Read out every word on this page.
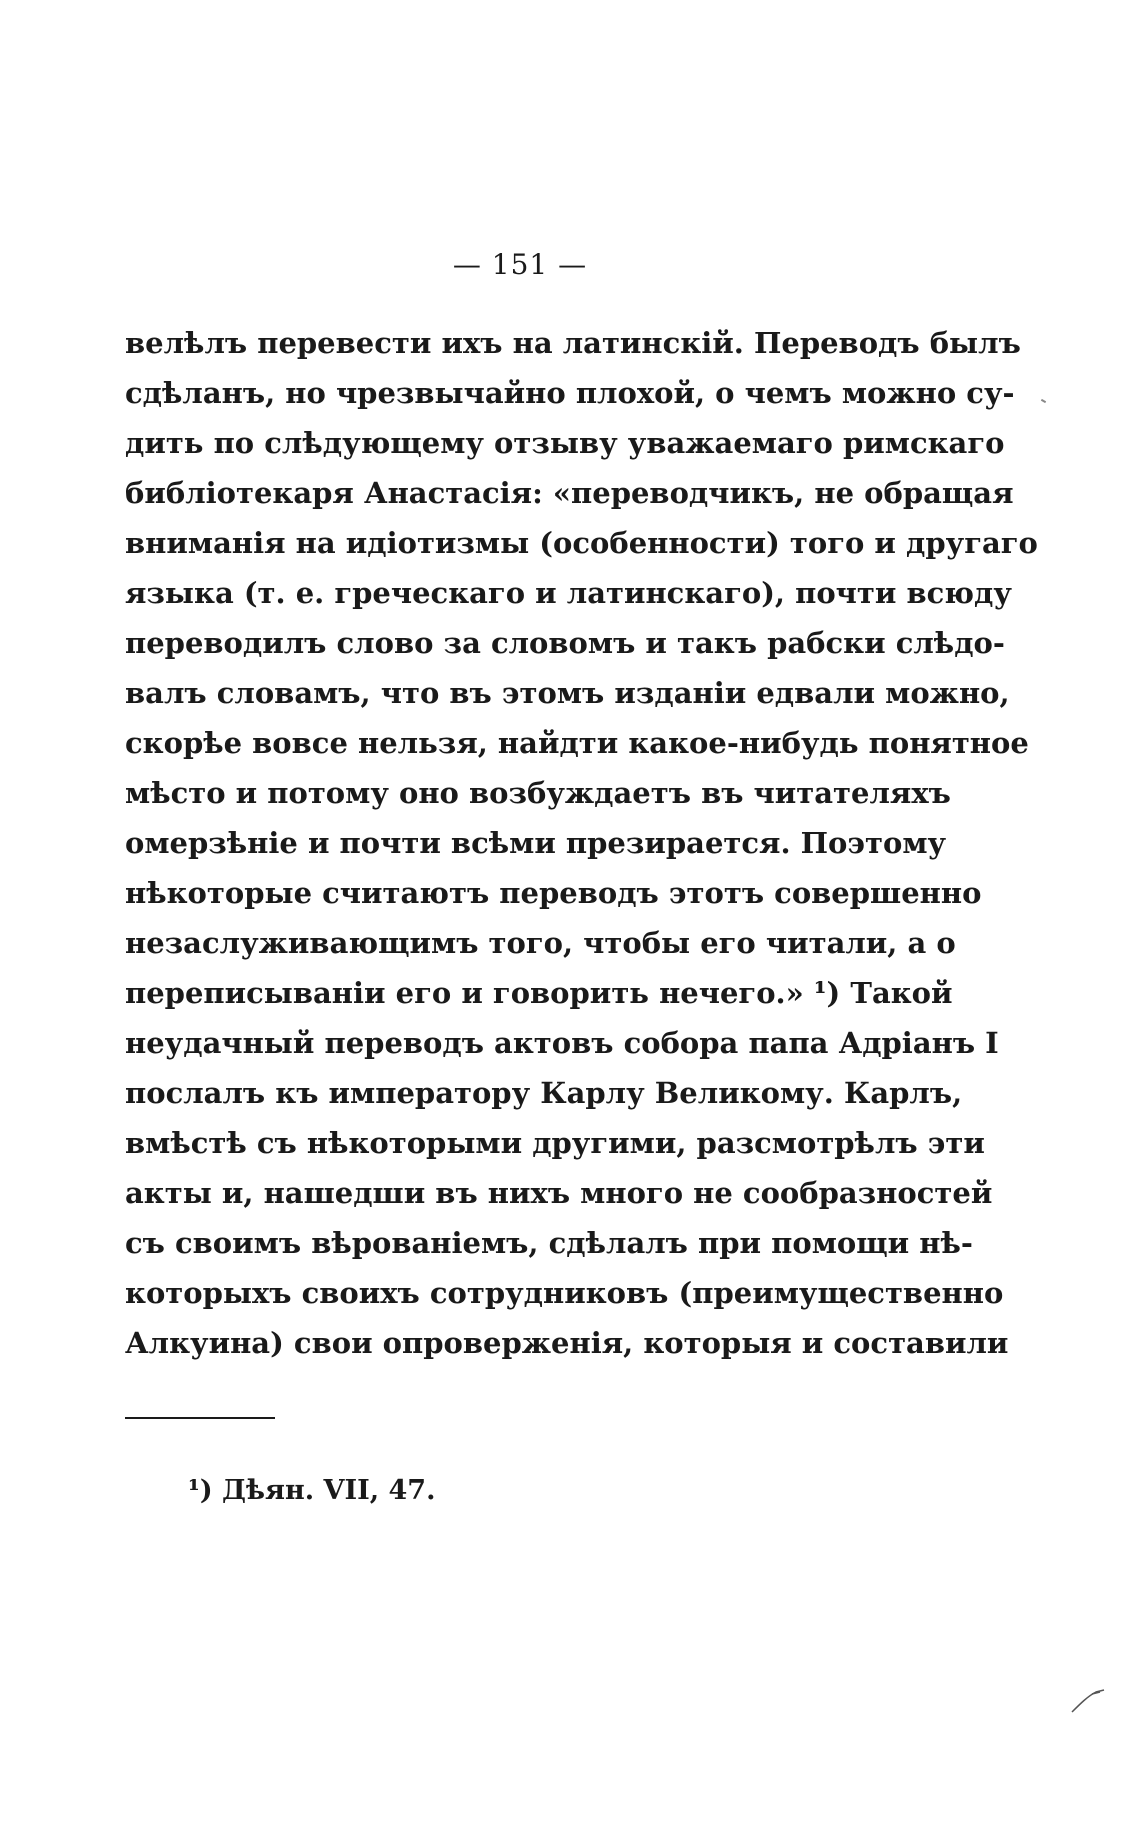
— 151 —
велѣлъ перевести ихъ на латинскій. Переводъ былъ
сдѣланъ, но чрезвычайно плохой, о чемъ можно су-
дить по слѣдующему отзыву уважаемаго римскаго
библіотекаря Анастасія: «переводчикъ, не обращая
вниманія на идіотизмы (особенности) того и другаго
языка (т. е. греческаго и латинскаго), почти всюду
переводилъ слово за словомъ и такъ рабски слѣдо-
валъ словамъ, что въ этомъ изданіи едвали можно,
скорѣе вовсе нельзя, найдти какое-нибудь понятное
мѣсто и потому оно возбуждаетъ въ читателяхъ
омерзѣніе и почти всѣми презирается. Поэтому
нѣкоторые считаютъ переводъ этотъ совершенно
незаслуживающимъ того, чтобы его читали, а о
переписываніи его и говорить нечего.» ¹) Такой
неудачный переводъ актовъ собора папа Адріанъ I
послалъ къ императору Карлу Великому. Карлъ,
вмѣстѣ съ нѣкоторыми другими, разсмотрѣлъ эти
акты и, нашедши въ нихъ много не сообразностей
съ своимъ вѣрованіемъ, сдѣлалъ при помощи нѣ-
которыхъ своихъ сотрудниковъ (преимущественно
Алкуина) свои опроверженія, которыя и составили
¹) Дѣян. VII, 47.
